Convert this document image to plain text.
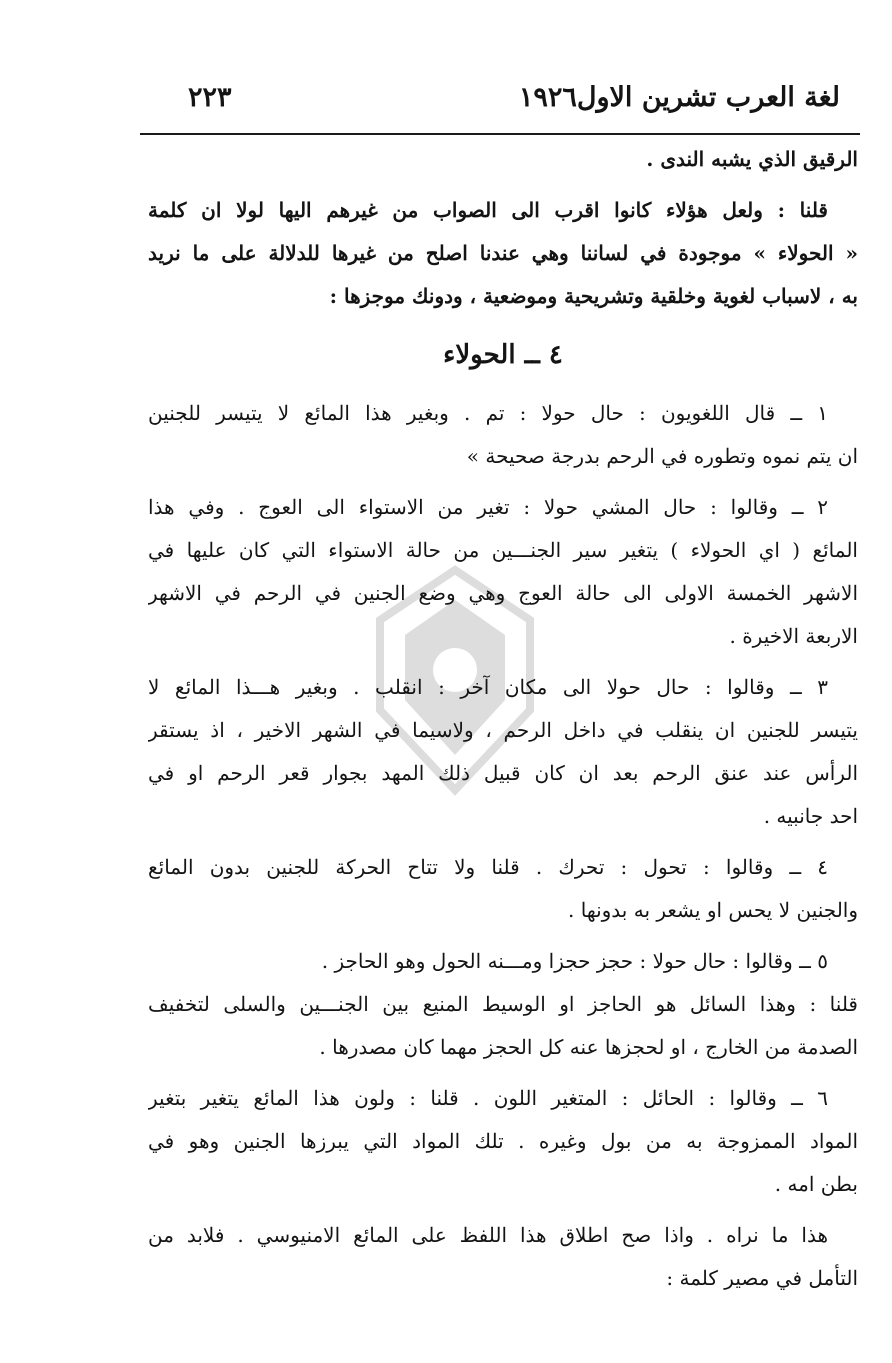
لغة العرب تشرين الاول١٩٢٦
٢٢٣
الرقيق الذي يشبه الندى .
قلنا : ولعل هؤلاء كانوا اقرب الى الصواب من غيرهم اليها لولا ان كلمة
« الحولاء » موجودة في لساننا وهي عندنا اصلح من غيرها للدلالة على ما نريد
به ، لاسباب لغوية وخلقية وتشريحية وموضعية ، ودونك موجزها :
٤ ــ الحولاء
١ ــ قال اللغويون : حال حولا : تم . وبغير هذا المائع لا يتيسر للجنين
ان يتم نموه وتطوره في الرحم بدرجة صحيحة »
٢ ــ وقالوا : حال المشي حولا : تغير من الاستواء الى العوج . وفي هذا
المائع ( اي الحولاء ) يتغير سير الجنـــين من حالة الاستواء التي كان عليها في
الاشهر الخمسة الاولى الى حالة العوج وهي وضع الجنين في الرحم في الاشهر
الاربعة الاخيرة .
٣ ــ وقالوا : حال حولا الى مكان آخر : انقلب . وبغير هـــذا المائع لا
يتيسر للجنين ان ينقلب في داخل الرحم ، ولاسيما في الشهر الاخير ، اذ يستقر
الرأس عند عنق الرحم بعد ان كان قبيل ذلك المهد بجوار قعر الرحم او في
احد جانبيه .
٤ ــ وقالوا : تحول : تحرك . قلنا ولا تتاح الحركة للجنين بدون المائع
والجنين لا يحس او يشعر به بدونها .
٥ ــ وقالوا : حال حولا : حجز حجزا ومـــنه الحول وهو الحاجز .
قلنا : وهذا السائل هو الحاجز او الوسيط المنيع بين الجنـــين والسلى لتخفيف
الصدمة من الخارج ، او لحجزها عنه كل الحجز مهما كان مصدرها .
٦ ــ وقالوا : الحائل : المتغير اللون . قلنا : ولون هذا المائع يتغير بتغير
المواد الممزوجة به من بول وغيره . تلك المواد التي يبرزها الجنين وهو في
بطن امه .
هذا ما نراه . واذا صح اطلاق هذا اللفظ على المائع الامنيوسي . فلابد من
التأمل في مصير كلمة :
